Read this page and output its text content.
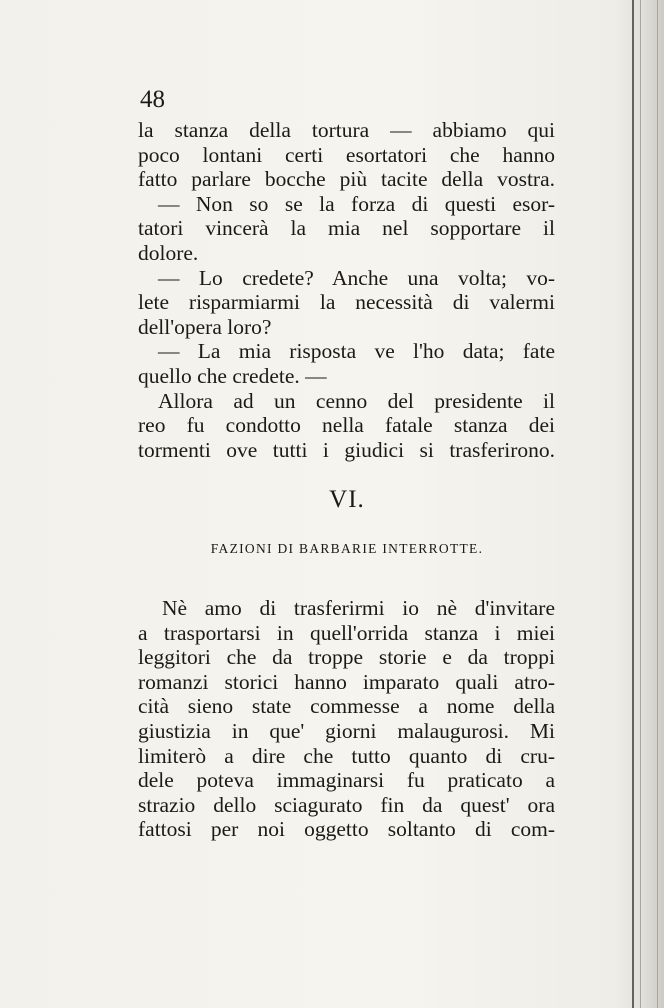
48
la stanza della tortura — abbiamo qui
poco lontani certi esortatori che hanno
fatto parlare bocche più tacite della vostra.
— Non so se la forza di questi esor-
tatori vincerà la mia nel sopportare il
dolore.
— Lo credete? Anche una volta; vo-
lete risparmiarmi la necessità di valermi
dell'opera loro?
— La mia risposta ve l'ho data; fate
quello che credete. —
Allora ad un cenno del presidente il
reo fu condotto nella fatale stanza dei
tormenti ove tutti i giudici si trasferirono.
VI.
FAZIONI DI BARBARIE INTERROTTE.
Nè amo di trasferirmi io nè d'invitare
a trasportarsi in quell'orrida stanza i miei
leggitori che da troppe storie e da troppi
romanzi storici hanno imparato quali atro-
cità sieno state commesse a nome della
giustizia in que' giorni malaugurosi. Mi
limiterò a dire che tutto quanto di cru-
dele poteva immaginarsi fu praticato a
strazio dello sciagurato fin da quest' ora
fattosi per noi oggetto soltanto di com-
